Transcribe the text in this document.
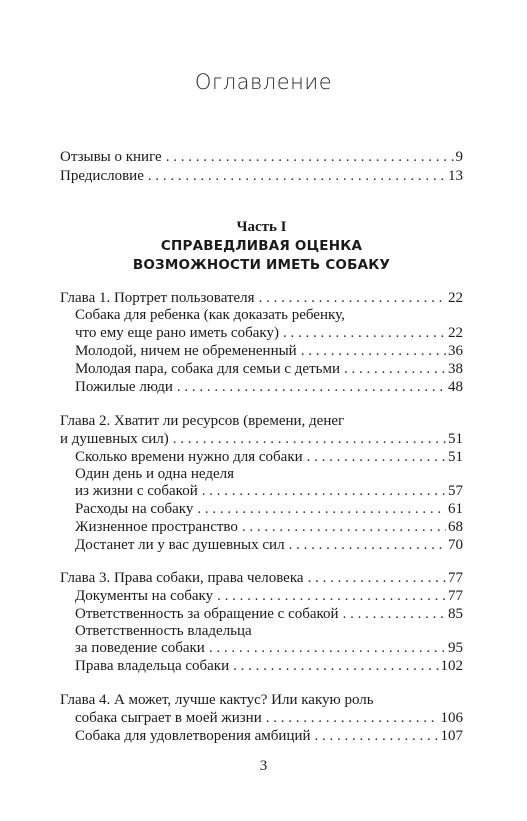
Оглавление
Отзывы о книге . . .	9
Предисловие . . .	13
Часть I
СПРАВЕДЛИВАЯ ОЦЕНКА
ВОЗМОЖНОСТИ ИМЕТЬ СОБАКУ
Глава 1. Портрет пользователя . . .	22
Собака для ребенка (как доказать ребенку,
что ему еще рано иметь собаку) . . .	22
Молодой, ничем не обремененный . . .	36
Молодая пара, собака для семьи с детьми . . .	38
Пожилые люди . . .	48
Глава 2. Хватит ли ресурсов (времени, денег
и душевных сил) . . .	51
Сколько времени нужно для собаки . . .	51
Один день и одна неделя
из жизни с собакой . . .	57
Расходы на собаку . . .	61
Жизненное пространство . . .	68
Достанет ли у вас душевных сил . . .	70
Глава 3. Права собаки, права человека . . .	77
Документы на собаку . . .	77
Ответственность за обращение с собакой . . .	85
Ответственность владельца
за поведение собаки . . .	95
Права владельца собаки . . .	102
Глава 4. А может, лучше кактус? Или какую роль
собака сыграет в моей жизни . . .	106
Собака для удовлетворения амбиций . . .	107
3
